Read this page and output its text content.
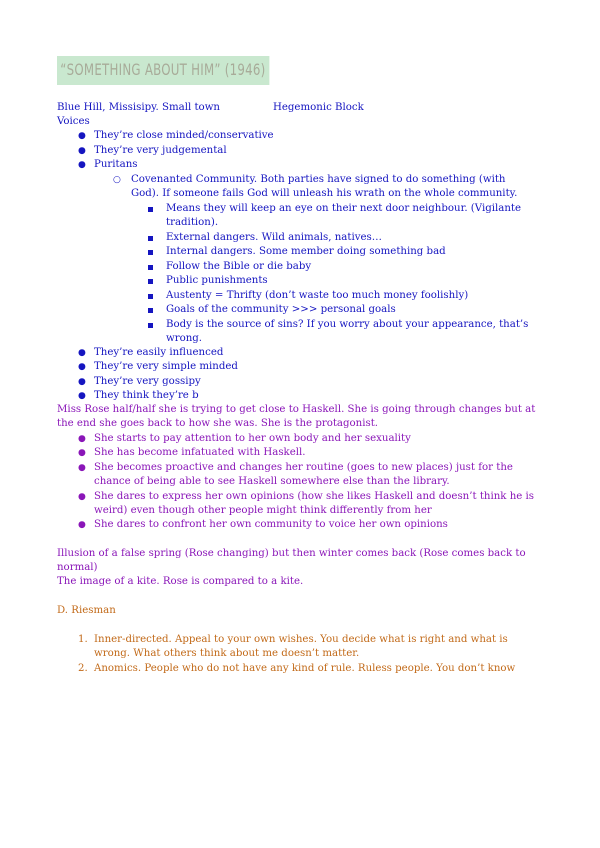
“SOMETHING ABOUT HIM” (1946)
Blue Hill, Missisipy. Small town	Hegemonic Block
Voices
● They’re close minded/conservative
● They’re very judgemental
● Puritans
○ Covenanted Community. Both parties have signed to do something (with
God). If someone fails God will unleash his wrath on the whole community.
Means they will keep an eye on their next door neighbour. (Vigilante
tradition).
External dangers. Wild animals, natives…
Internal dangers. Some member doing something bad
Follow the Bible or die baby
Public punishments
Austenty = Thrifty (don’t waste too much money foolishly)
Goals of the community >>> personal goals
Body is the source of sins? If you worry about your appearance, that’s
wrong.
● They’re easily influenced
● They’re very simple minded
● They’re very gossipy
● They think they’re b
Miss Rose half/half she is trying to get close to Haskell. She is going through changes but at
the end she goes back to how she was. She is the protagonist.
● She starts to pay attention to her own body and her sexuality
● She has become infatuated with Haskell.
● She becomes proactive and changes her routine (goes to new places) just for the
chance of being able to see Haskell somewhere else than the library.
● She dares to express her own opinions (how she likes Haskell and doesn’t think he is
weird) even though other people might think differently from her
● She dares to confront her own community to voice her own opinions
Illusion of a false spring (Rose changing) but then winter comes back (Rose comes back to
normal)
The image of a kite. Rose is compared to a kite.
D. Riesman
1. Inner-directed. Appeal to your own wishes. You decide what is right and what is
wrong. What others think about me doesn’t matter.
2. Anomics. People who do not have any kind of rule. Ruless people. You don’t know
